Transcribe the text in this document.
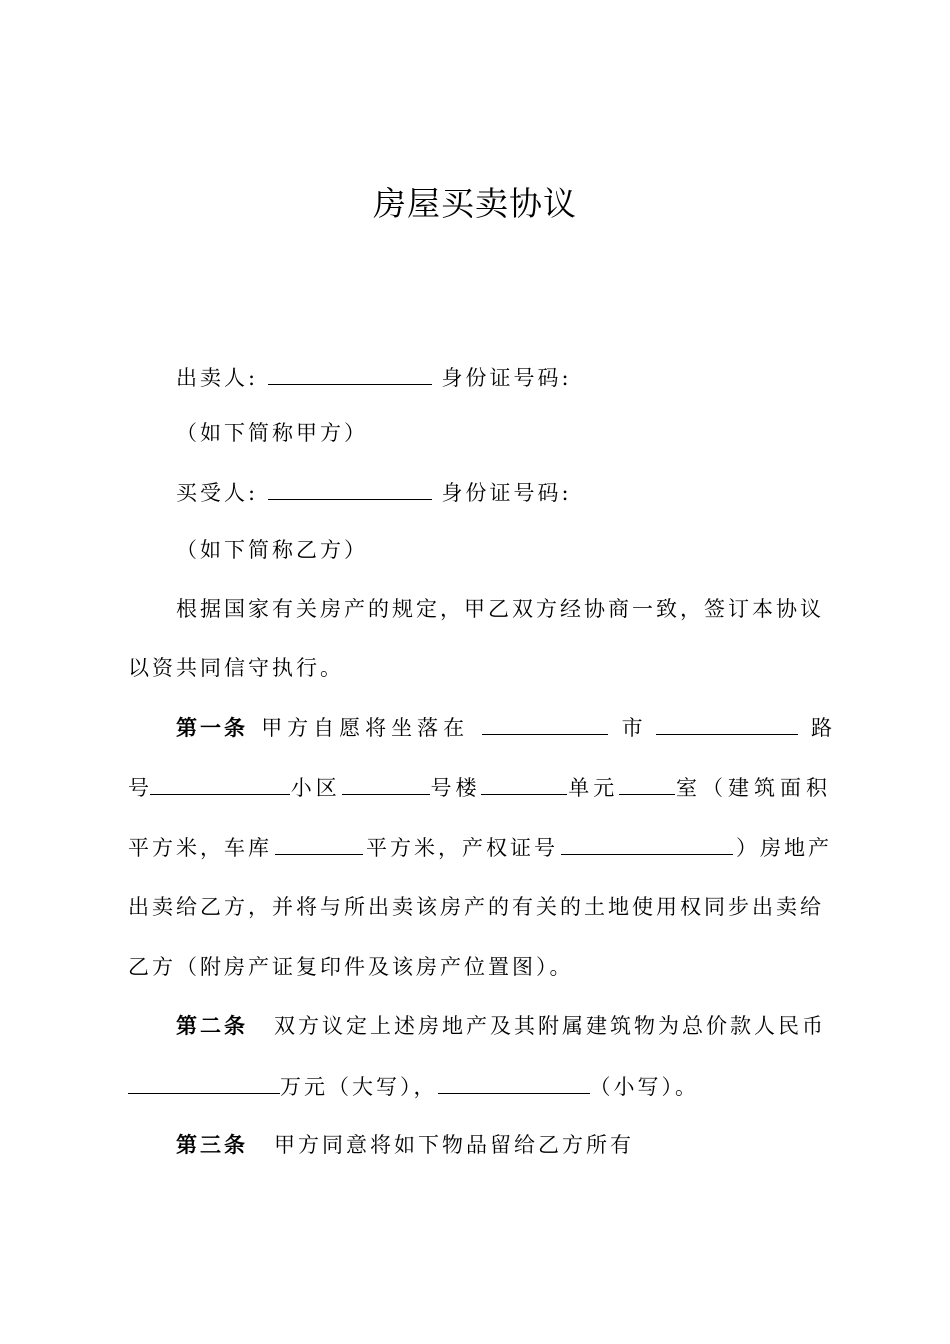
房屋买卖协议
出卖人:	身份证号码:
（如下简称甲方）
买受人:	身份证号码:
（如下简称乙方）
根据国家有关房产的规定，甲乙双方经协商一致，签订本协议
以资共同信守执行。
第一条 甲方自愿将坐落在	市	路
号	小区	号楼	单元	室（建筑面积
平方米，车库	平方米，产权证号	）房地产
出卖给乙方，并将与所出卖该房产的有关的土地使用权同步出卖给
乙方（附房产证复印件及该房产位置图）。
第二条 双方议定上述房地产及其附属建筑物为总价款人民币
万元（大写），	（小写）。
第三条 甲方同意将如下物品留给乙方所有
